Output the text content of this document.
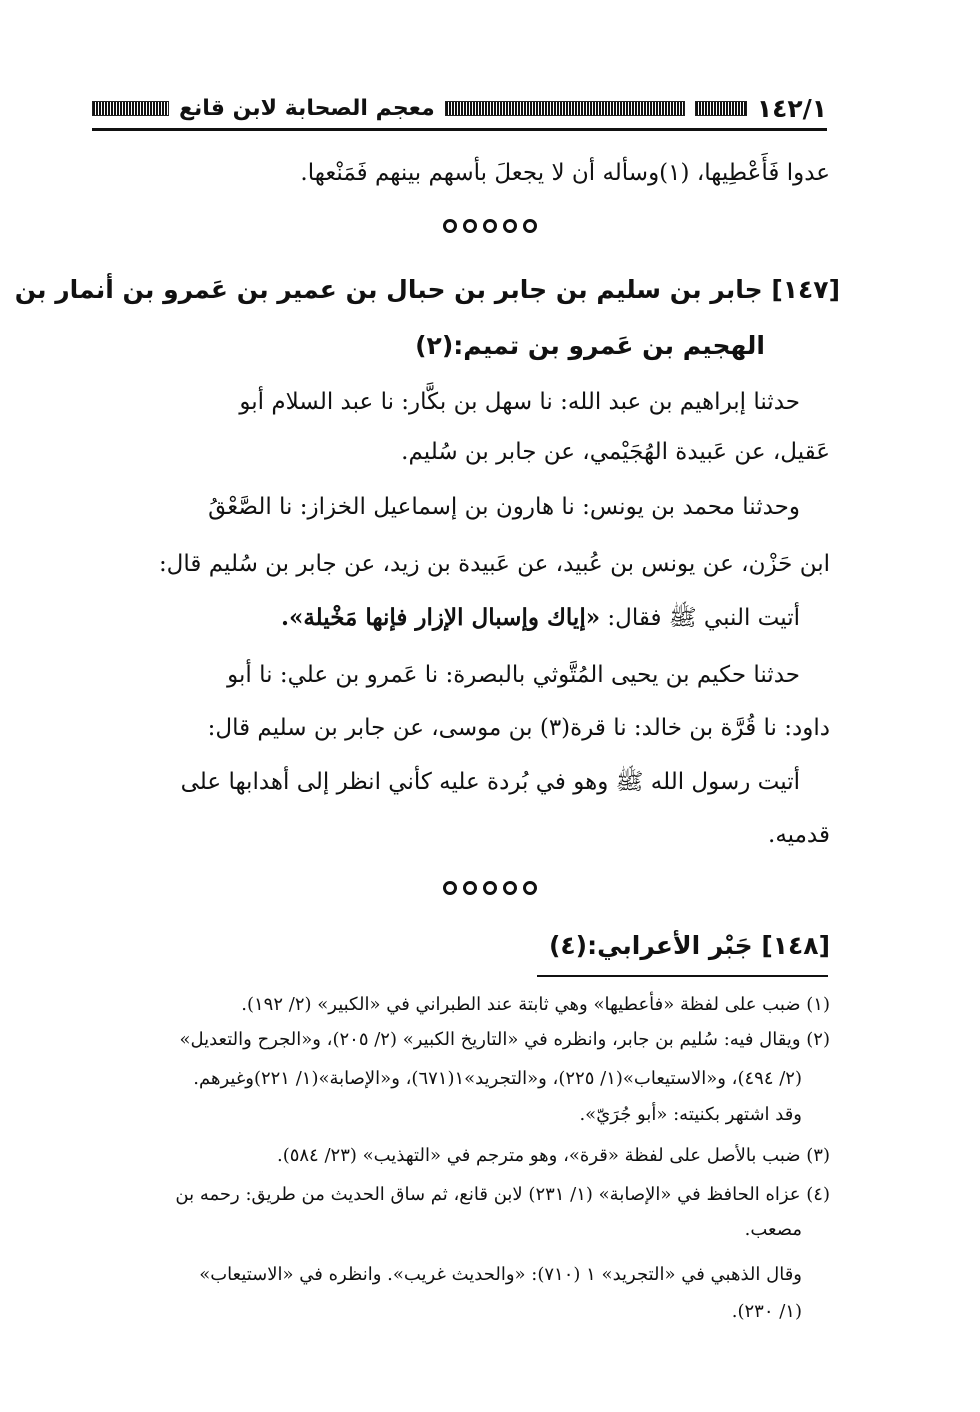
١٤٢/١
معجم الصحابة لابن قانع
عدوا فَأَعْطِيها، (١)وسأله أن لا يجعلَ بأسهم بينهم فَمَنْعها.
[١٤٧] جابر بن سليم بن جابر بن حبال بن عمير بن عَمرو بن أنمار بن
الهجيم بن عَمرو بن تميم:(٢)
حدثنا إبراهيم بن عبد الله: نا سهل بن بكَّار: نا عبد السلام أبو
عَقيل، عن عَبيدة الهُجَيْمي، عن جابر بن سُليم.
وحدثنا محمد بن يونس: نا هارون بن إسماعيل الخزاز: نا الصَّعْقُ
ابن حَزْن، عن يونس بن عُبيد، عن عَبيدة بن زيد، عن جابر بن سُليم قال:
أتيت النبي ﷺ فقال: «إياك وإسبال الإزار فإنها مَخْيلة».
حدثنا حكيم بن يحيى المُتَّوثي بالبصرة: نا عَمرو بن علي: نا أبو
داود: نا قُرَّة بن خالد: نا قرة(٣) بن موسى، عن جابر بن سليم قال:
أتيت رسول الله ﷺ وهو في بُردة عليه كأني انظر إلى أهدابها على
قدميه.
[١٤٨] جَبْر الأعرابي:(٤)
(١) ضبب على لفظة «فأعطيها» وهي ثابتة عند الطبراني في «الكبير» (٢/ ١٩٢).
(٢) ويقال فيه: سُليم بن جابر، وانظره في «التاريخ الكبير» (٢/ ٢٠٥)، و«الجرح والتعديل»
(٢/ ٤٩٤)، و«الاستيعاب»(١/ ٢٢٥)، و«التجريد»١(٦٧١)، و«الإصابة»(١/ ٢٢١)وغيرهم.
وقد اشتهر بكنيته: «أبو جُرَيّ».
(٣) ضبب بالأصل على لفظة «قرة»، وهو مترجم في «التهذيب» (٢٣/ ٥٨٤).
(٤) عزاه الحافظ في «الإصابة» (١/ ٢٣١) لابن قانع، ثم ساق الحديث من طريق: رحمه بن
مصعب.
وقال الذهبي في «التجريد» ١ (٧١٠): «والحديث غريب». وانظره في «الاستيعاب»
(١/ ٢٣٠).
